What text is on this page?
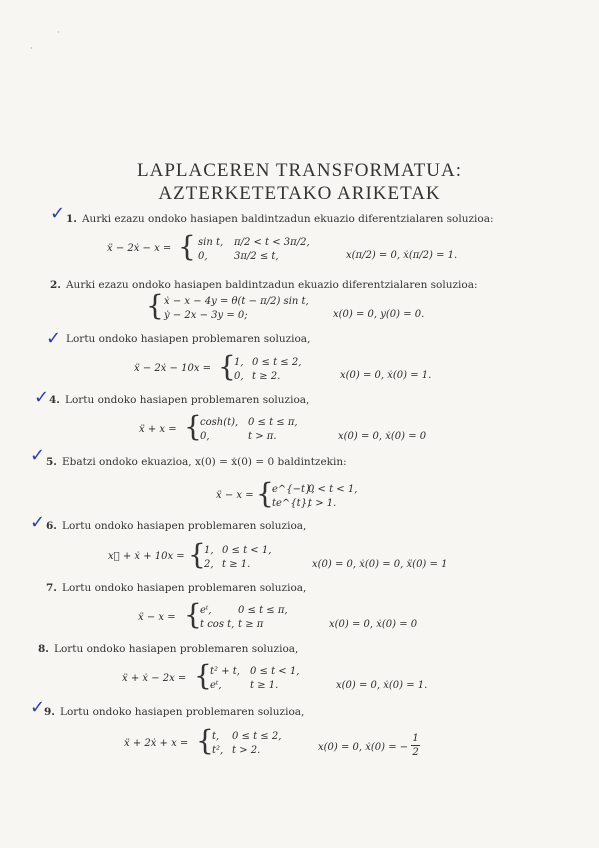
·
·
LAPLACEREN TRANSFORMATUA:
AZTERKETETAKO ARIKETAK
✓ 1. Aurki ezazu ondoko hasiapen baldintzadun ekuazio diferentzialaren soluzioa:
ẍ − 2ẋ − x = { sin t, π/2 < t < 3π/2,
0,	3π/2 ≤ t,	x(π/2) = 0, ẋ(π/2) = 1.
2. Aurki ezazu ondoko hasiapen baldintzadun ekuazio diferentzialaren soluzioa:
{ ẋ − x − 4y = θ(t − π/2) sin t,
ẏ − 2x − 3y = 0;	x(0) = 0, y(0) = 0.
✓ Lortu ondoko hasiapen problemaren soluzioa,
ẍ − 2ẋ − 10x = {
1, 0 ≤ t ≤ 2,
0, t ≥ 2.	x(0) = 0, ẋ(0) = 1.
✓ 4. Lortu ondoko hasiapen problemaren soluzioa,
ẍ + x = {
cosh(t), 0 ≤ t ≤ π,
0,	t > π.	x(0) = 0, ẋ(0) = 0
✓ 5. Ebatzi ondoko ekuazioa, x(0) = ẋ(0) = 0 baldintzekin:
ẍ − x = {
e^{−t},
0 < t < 1,
te^{t},
t > 1.
✓ 6. Lortu ondoko hasiapen problemaren soluzioa,
x⃛ + ẋ + 10x = {
1, 0 ≤ t < 1,
2, t ≥ 1.	x(0) = 0, ẋ(0) = 0, ẍ(0) = 1
7. Lortu ondoko hasiapen problemaren soluzioa,
ẍ − x = {
eᵗ,	0 ≤ t ≤ π,
t cos t, t ≥ π	x(0) = 0, ẋ(0) = 0
8. Lortu ondoko hasiapen problemaren soluzioa,
ẍ + ẋ − 2x = {
t² + t, 0 ≤ t < 1,
eᵗ,	t ≥ 1.	x(0) = 0, ẋ(0) = 1.
✓
9. Lortu ondoko hasiapen problemaren soluzioa,
ẍ + 2ẋ + x = {
t, 0 ≤ t ≤ 2,
t², t > 2.	x(0) = 0, ẋ(0) = −
1
2
